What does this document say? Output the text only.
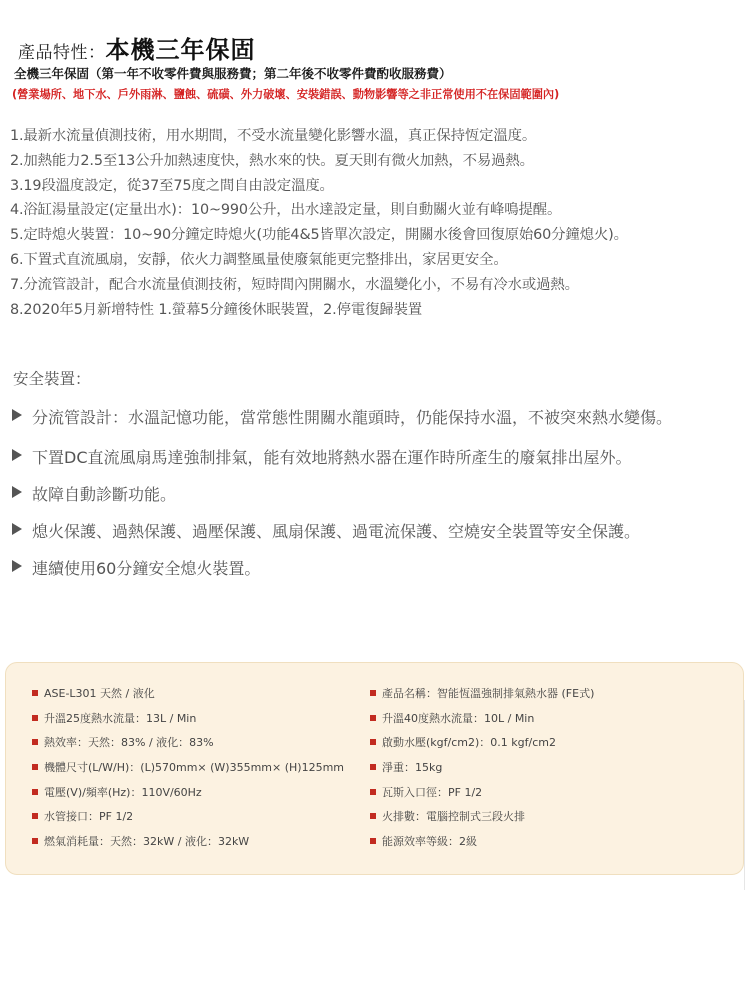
產品特性： 本機三年保固
全機三年保固（第一年不收零件費與服務費；第二年後不收零件費酌收服務費）
(營業場所、地下水、戶外雨淋、鹽蝕、硫磺、外力破壞、安裝錯誤、動物影響等之非正常使用不在保固範圍內)
1.最新水流量偵測技術，用水期間，不受水流量變化影響水溫，真正保持恆定溫度。
2.加熱能力2.5至13公升加熱速度快，熱水來的快。夏天則有微火加熱，不易過熱。
3.19段溫度設定，從37至75度之間自由設定溫度。
4.浴缸湯量設定(定量出水)：10~990公升，出水達設定量，則自動關火並有峰鳴提醒。
5.定時熄火裝置：10~90分鐘定時熄火(功能4&5皆單次設定，開關水後會回復原始60分鐘熄火)。
6.下置式直流風扇，安靜，依火力調整風量使廢氣能更完整排出，家居更安全。
7.分流管設計，配合水流量偵測技術，短時間內開關水，水溫變化小，不易有冷水或過熱。
8.2020年5月新增特性 1.螢幕5分鐘後休眠裝置，2.停電復歸裝置
安全裝置：
分流管設計：水溫記憶功能，當常態性開關水龍頭時，仍能保持水溫，不被突來熱水變傷。
下置DC直流風扇馬達強制排氣，能有效地將熱水器在運作時所產生的廢氣排出屋外。
故障自動診斷功能。
熄火保護、過熱保護、過壓保護、風扇保護、過電流保護、空燒安全裝置等安全保護。
連續使用60分鐘安全熄火裝置。
ASE-L301 天然 / 液化
升溫25度熱水流量：13L / Min
熱效率：天然：83% / 液化：83%
機體尺寸(L/W/H)：(L)570mm× (W)355mm× (H)125mm
電壓(V)/頻率(Hz)：110V/60Hz
水管接口：PF 1/2
燃氣消耗量：天然：32kW / 液化：32kW
產品名稱：智能恆溫強制排氣熱水器 (FE式)
升溫40度熱水流量：10L / Min
啟動水壓(kgf/cm2)：0.1 kgf/cm2
淨重：15kg
瓦斯入口徑：PF 1/2
火排數：電腦控制式三段火排
能源效率等級：2級
